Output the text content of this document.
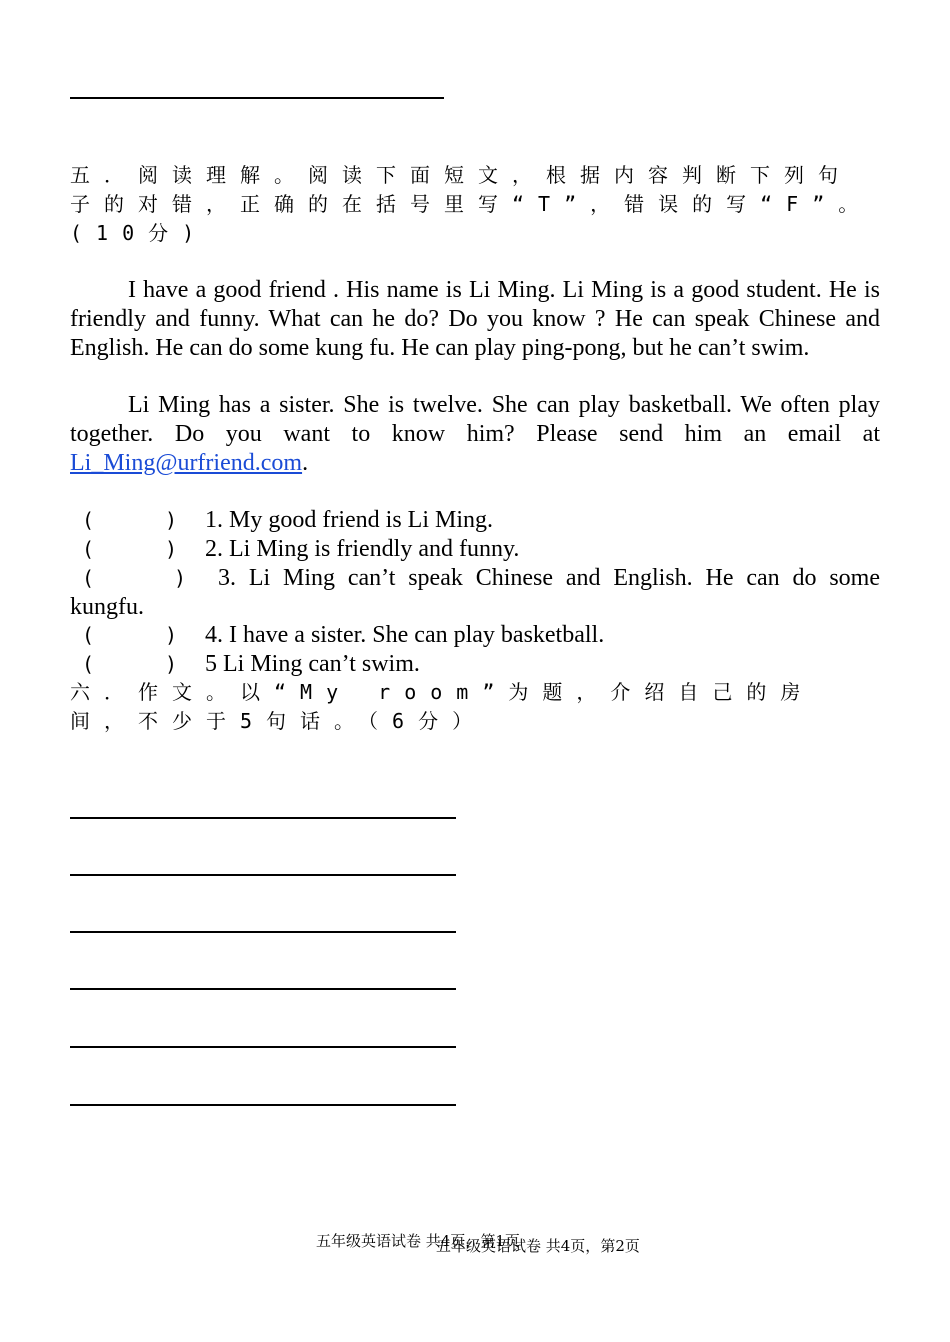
五．阅读理解。阅读下面短文，根据内容判断下列句子的对错，正确的在括号里写“T”，错误的写“F”。(10分)
I have a good friend . His name is Li Ming. Li Ming is a good student. He is friendly and funny. What can he do? Do you know ? He can speak Chinese and English. He can do some kung fu. He can play ping-pong, but he can’t swim.
Li Ming has a sister. She is twelve. She can play basketball. We often play together. Do you want to know him? Please send him an email at Li_Ming@urfriend.com.
(	) 1. My good friend is Li Ming.
(	) 2. Li Ming is friendly and funny.
(	) 3. Li Ming can’t speak Chinese and English. He can do some kungfu.
(	) 4. I have a sister. She can play basketball.
(	) 5 Li Ming can’t swim.
六．作文。以“My room”为题，介绍自己的房间，不少于5句话。（6分）
五年级英语试卷 共4页，第1页
五年级英语试卷 共4页，第2页
